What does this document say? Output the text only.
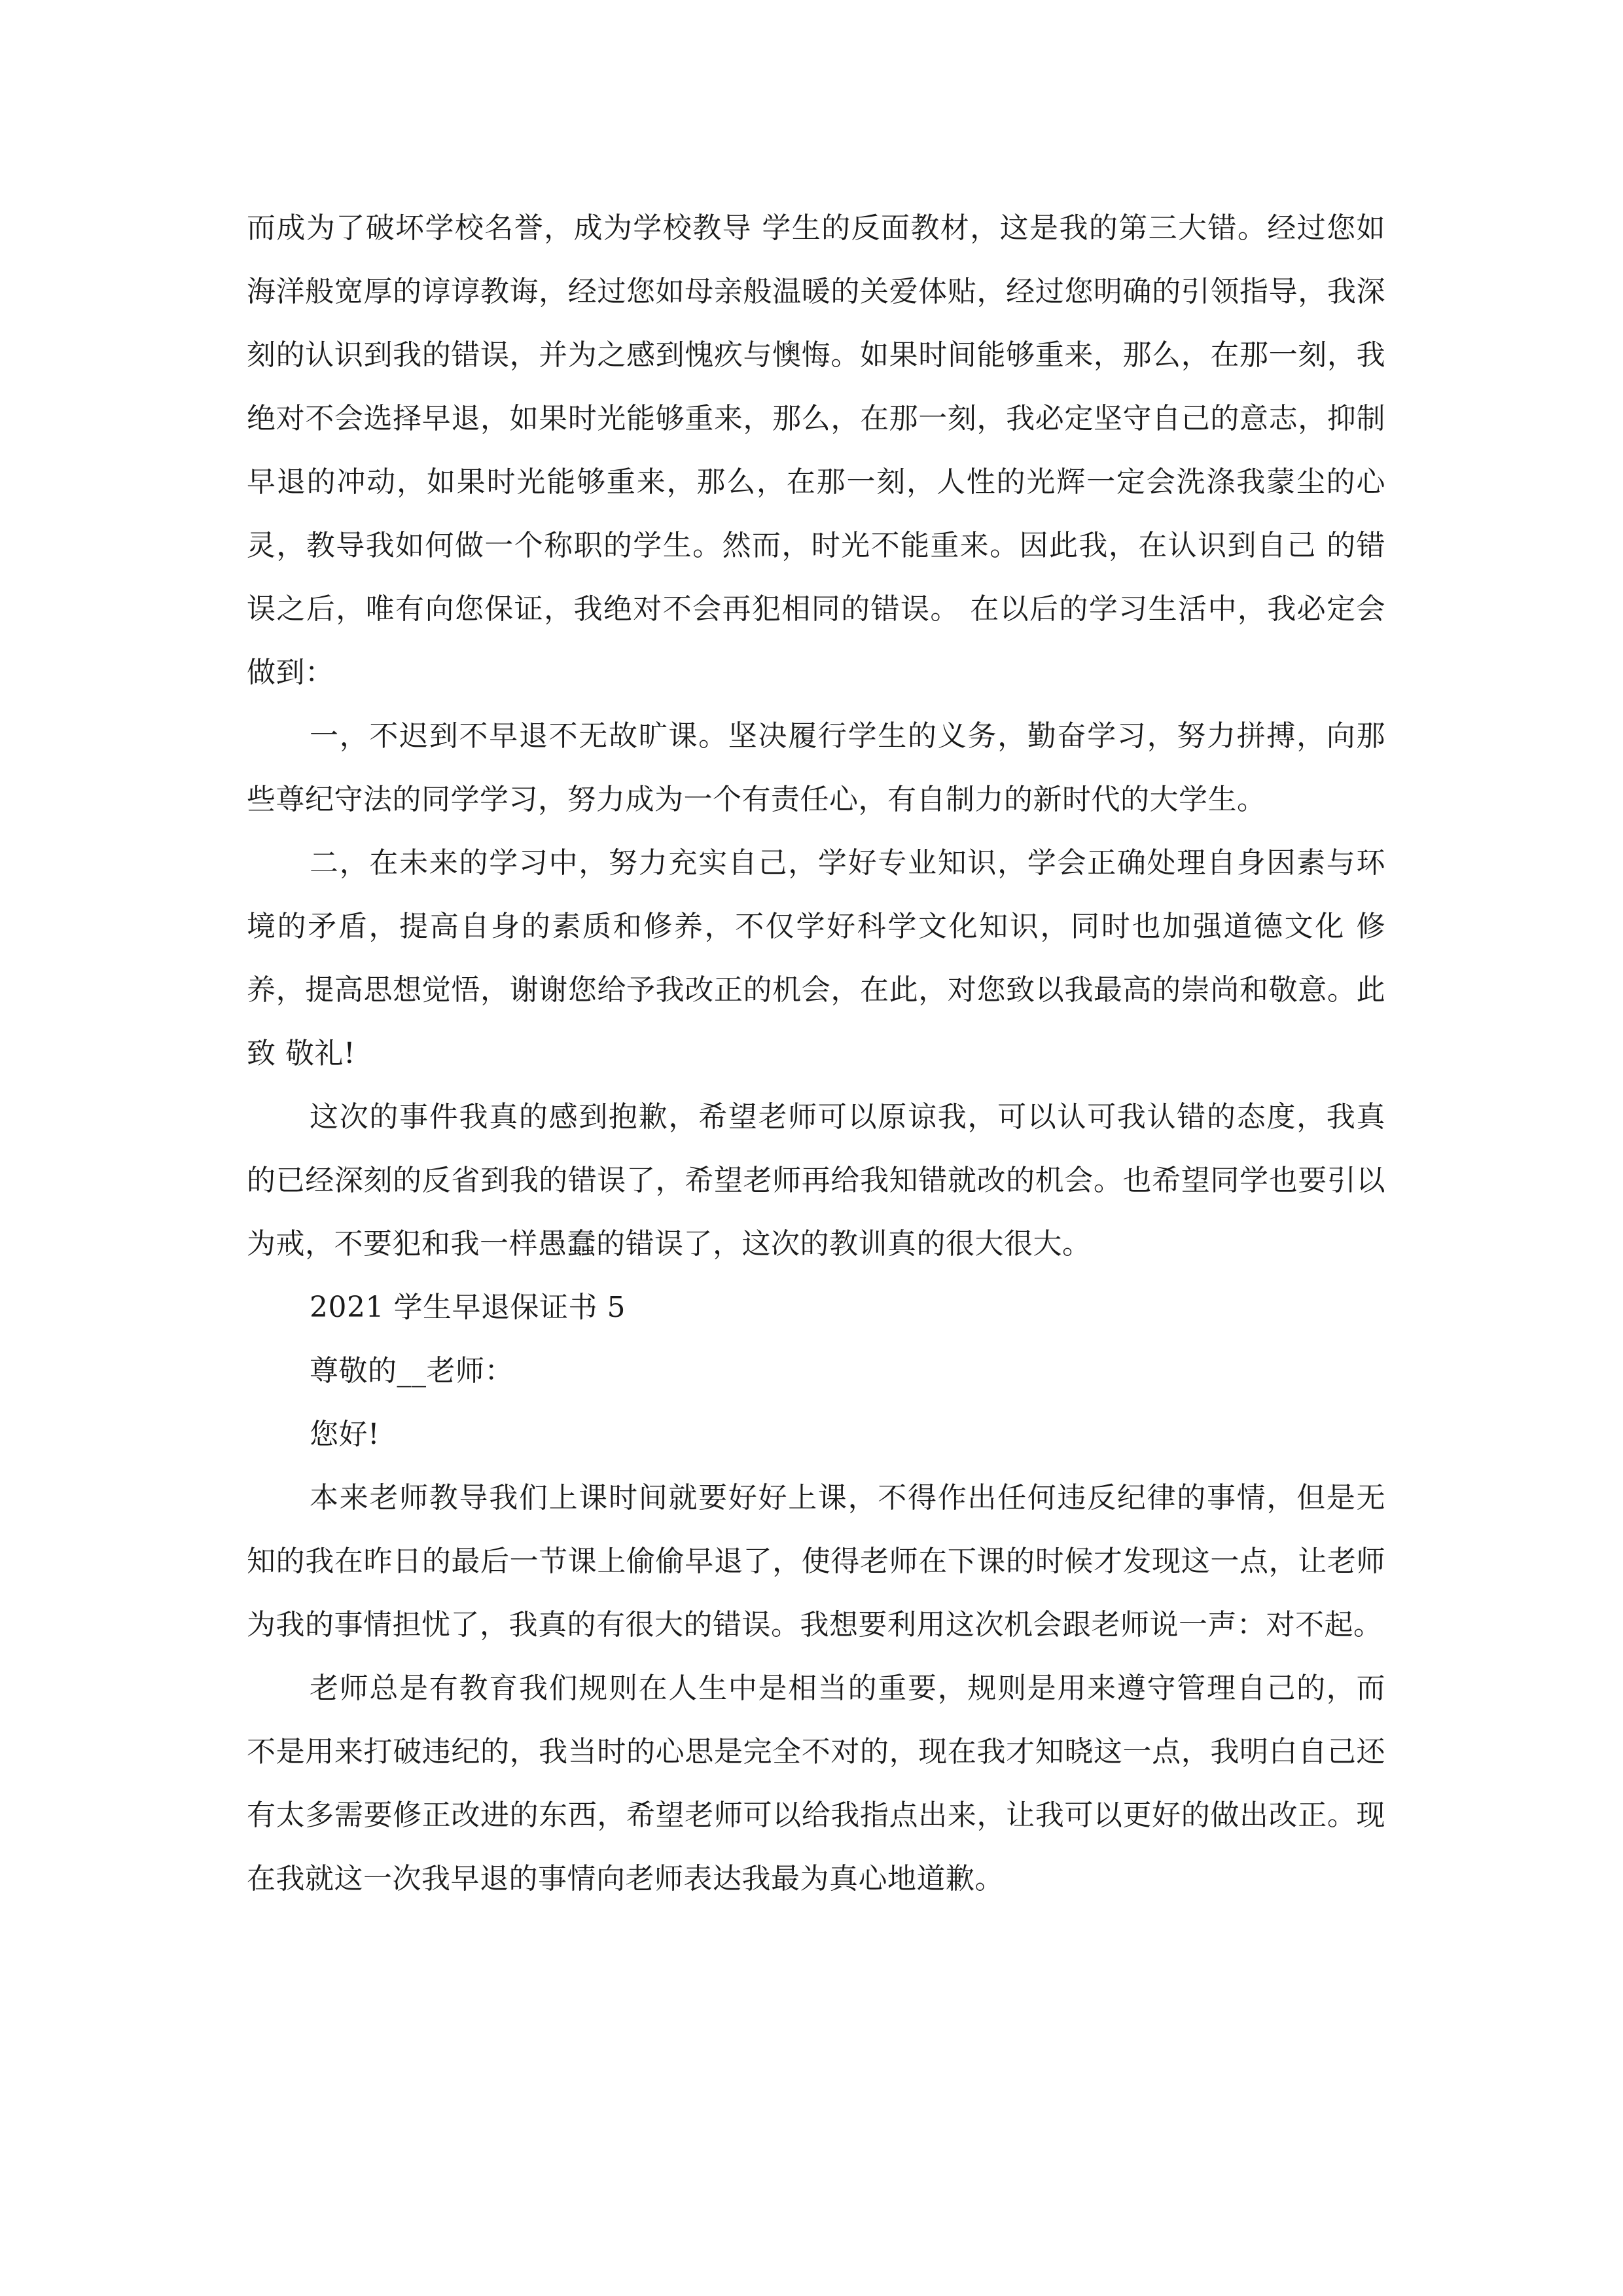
而成为了破坏学校名誉，成为学校教导 学生的反面教材，这是我的第三大错。经过您如海洋般宽厚的谆谆教诲，经过您如母亲般温暖的关爱体贴，经过您明确的引领指导，我深刻的认识到我的错误，并为之感到愧疚与懊悔。如果时间能够重来，那么，在那一刻，我绝对不会选择早退，如果时光能够重来，那么，在那一刻，我必定坚守自己的意志，抑制早退的冲动，如果时光能够重来，那么，在那一刻，人性的光辉一定会洗涤我蒙尘的心灵，教导我如何做一个称职的学生。然而，时光不能重来。因此我，在认识到自己 的错误之后，唯有向您保证，我绝对不会再犯相同的错误。 在以后的学习生活中，我必定会做到：

一，不迟到不早退不无故旷课。坚决履行学生的义务，勤奋学习，努力拼搏，向那些尊纪守法的同学学习，努力成为一个有责任心，有自制力的新时代的大学生。

二，在未来的学习中，努力充实自己，学好专业知识，学会正确处理自身因素与环境的矛盾，提高自身的素质和修养，不仅学好科学文化知识，同时也加强道德文化 修养，提高思想觉悟，谢谢您给予我改正的机会，在此，对您致以我最高的崇尚和敬意。此致 敬礼!

这次的事件我真的感到抱歉，希望老师可以原谅我，可以认可我认错的态度，我真的已经深刻的反省到我的错误了，希望老师再给我知错就改的机会。也希望同学也要引以为戒，不要犯和我一样愚蠢的错误了，这次的教训真的很大很大。

2021 学生早退保证书 5

尊敬的__老师：

您好!

本来老师教导我们上课时间就要好好上课，不得作出任何违反纪律的事情，但是无知的我在昨日的最后一节课上偷偷早退了，使得老师在下课的时候才发现这一点，让老师为我的事情担忧了，我真的有很大的错误。我想要利用这次机会跟老师说一声：对不起。

老师总是有教育我们规则在人生中是相当的重要，规则是用来遵守管理自己的，而不是用来打破违纪的，我当时的心思是完全不对的，现在我才知晓这一点，我明白自己还有太多需要修正改进的东西，希望老师可以给我指点出来，让我可以更好的做出改正。现在我就这一次我早退的事情向老师表达我最为真心地道歉。
